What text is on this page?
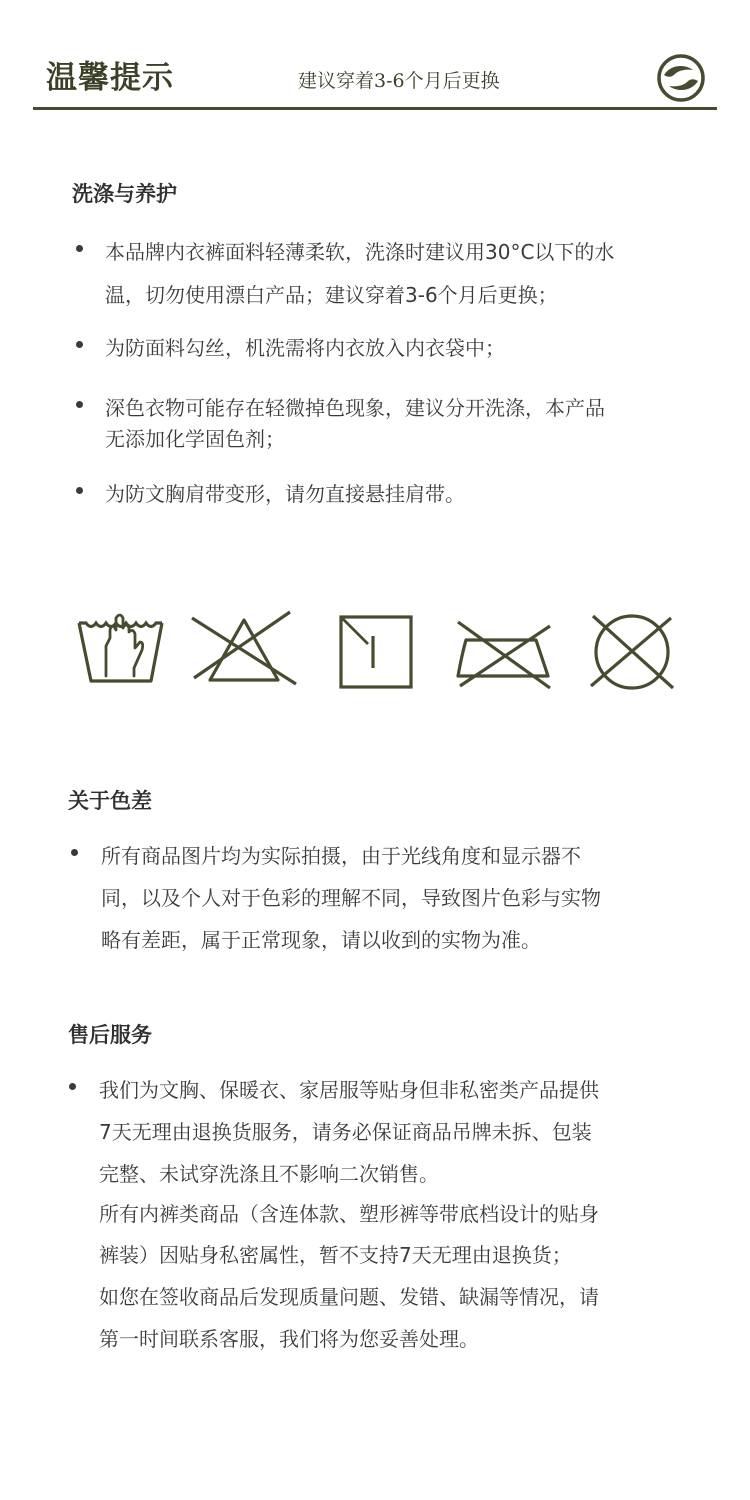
温馨提示	建议穿着3-6个月后更换
洗涤与养护
本品牌内衣裤面料轻薄柔软，洗涤时建议用30°C以下的水
温，切勿使用漂白产品；建议穿着3-6个月后更换；
为防面料勾丝，机洗需将内衣放入内衣袋中；
深色衣物可能存在轻微掉色现象，建议分开洗涤，本产品
无添加化学固色剂；
为防文胸肩带变形，请勿直接悬挂肩带。
关于色差
所有商品图片均为实际拍摄，由于光线角度和显示器不
同，以及个人对于色彩的理解不同，导致图片色彩与实物
略有差距，属于正常现象，请以收到的实物为准。
售后服务
我们为文胸、保暖衣、家居服等贴身但非私密类产品提供
7天无理由退换货服务，请务必保证商品吊牌未拆、包装
完整、未试穿洗涤且不影响二次销售。
所有内裤类商品（含连体款、塑形裤等带底档设计的贴身
裤装）因贴身私密属性，暂不支持7天无理由退换货；
如您在签收商品后发现质量问题、发错、缺漏等情况，请
第一时间联系客服，我们将为您妥善处理。
